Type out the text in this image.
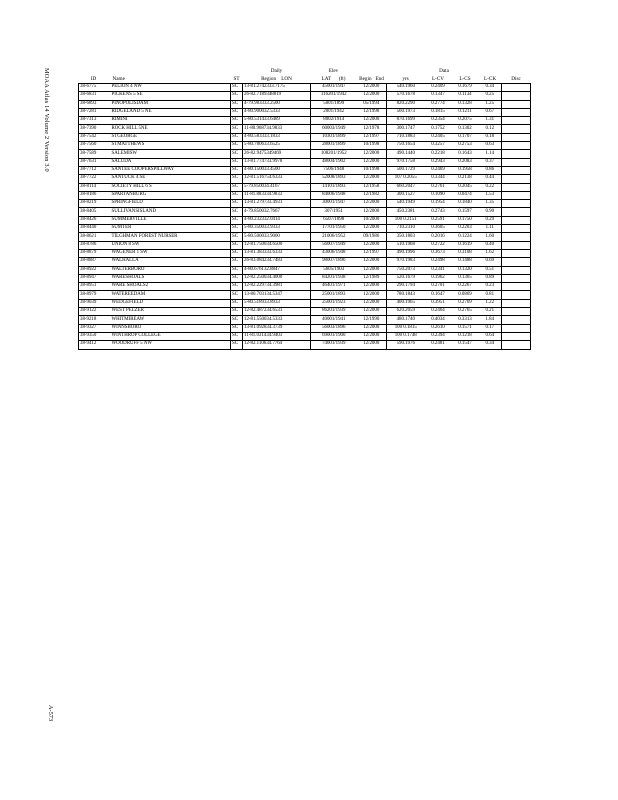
MOAA Atlas 14 Volume 2 Version 3.0
A-573
			Daily	Elev		Data				
ID	Name	ST	Region LON	LAT (ft)	Begin End	yrs	L-CV	L-CS	L-CK	Disc
38-6775	PELION 4 NW	SC	13-81.2742333.7175	45001/1947	12/2000	540.1960	0.2409	0.1679	0.34	
38-6831	PICKENS 5 SE	SC	26-82.7189348819	116201/1942	12/2000	570.1678	0.1347	0.1134	0.25	
38-6893	PINOPOLISDAM	SC	4-79.983333.2500	5001/1899	05/1994	820.2290	0.2774	0.1328	1.25	
38-7281	RIDGELAND 5 NE	SC	4-80.900032.5333	2001/1942	12/1998	560.1973	0.1815	0.1211	0.67	
38-7313	RIMINI	SC	5-80.531433.6489	8002/1914	12/2000	870.1699	0.2354	0.2075	1.31	
38-7390	ROCK HILL 5NE	SC	11-80.968734.9833	60003/1949	12/1978	300.1747	0.1752	0.1302	0.12	
38-7542	STGEORGE	SC	4-80.583333.1833	10301/1899	12/1997	710.1883	0.2405	0.1707	0.18	
38-7560	STMATTHEWS	SC	5-80.780633.6525	28001/1899	10/1998	750.1654	0.3257	0.2753	0.63	
38-7589	SALEMISW	SC	26-82.9475349469	108201/1952	12/2000	490.1440	0.2218	0.1643	1.14	
38-7631	SALUDA	SC	13-81.774733.9978	48004/1902	12/2000	970.1758	0.2943	0.2083	0.37	
38-7712	SANTEE COOPERSPILLWAY	SC	4-80.150033.4500	7506/1948	10/1998	500.1729	0.2469	0.1958	0.86	
38-7722	SANTUCK 4 SE	SC	12-81.516754.6333	52008/1893	12/2000	107 0.2055	0.3344	0.2138	0.44	
38-8114	SOCIETY HILL 6 S	SC	5-79.850034.4167	14101/1893	12/1958	660.2047	0.2761	0.2045	0.22	
38-8186	SPARTANBURG	SC	11-81.883334.9833	84006/1948	12/1982	300.1527	0.1090	0.0474	1.53	
38-8219	SPRINGFIELD	SC	13-81.279733.4931	30001/1947	12/2000	540.1949	0.1954	0.1840	1.35	
38-8405	SULLIVANSISLAND	SC	4-79.850032.7667	307/1951	12/2000	450.2381	0.2743	0.1597	0.90	
38-8426	SUMMERVILLE	SC	4-80.232332.0414	6507/1898	10/2000	100 0.2151	0.2591	0.1750	0.29	
38-8440	SUMTER	SC	5-80.350033.9333	17701/1950	12/2000	710.2310	0.3605	0.2203	1.11	
38-8621	TILGHMAN FOREST NURSER	SC	5-80.500033.9000	21006/1952	09/1986	350.1803	0.2016	0.1224	1.60	
38-8786	UNION 8 SW	SC	12-81.750034.6500	56007/1949	12/2000	510.1968	0.2722	0.1619	0.40	
38-8879	WAGENER 1 SW	SC	13-81.383333.6333	43006/1948	12/1997	490.1996	0.3673	0.3108	1.62	
38-8887	WALHALLA	SC	26-83.084234.7483	98007/1896	12/2000	970.1983	0.2498	0.1488	0.69	
38-8922	WALTERBORO	SC	4-80.676132.8847	5605/1903	12/2000	750.2073	0.2341	0.1320	0.51	
38-8947	WARESHOALS	SC	12-82.250034.4000	84201/1938	12/1989	520.1679	0.1962	0.1365	0.89	
38-8951	WARE SHOALS2	SC	12-82.229734.3981	46401/1971	12/2000	290.1794	0.2701	0.2267	0.23	
38-8979	WATEREEDAM	SC	13-80.703134.5347	25001/1893	12/2000	780.1843	0.1647	0.0869	0.81	
38-9039	WEDGEFIELD	SC	5-80.518933.8933	25001/1923	12/2000	400.1965	0.3951	0.2769	1.22	
38-9122	WEST PELZER	SC	12-82.487234.6531	86201/1939	12/2000	620.2059	0.2464	0.2765	0.21	
38-9218	WHITMIREAW	SC	12-81.550034.5333	40001/1941	12/1990	480.1740	0.4034	0.3313	1.84	
38-9327	WINNSBORO	SC	13-81.092834.3739	56003/1896	12/2000	100 0.1815	0.2610	0.1571	0.17	
38-9350	WINTHROP COLLEGE	SC	11-81.031434.9403	69001/1900	12/2000	100 0.1748	0.2394	0.1218	0.64	
38-9412	WOODRUFF 5 NW	SC	12-82.110634.7764	74001/1939	12/2000	590.1976	0.2481	0.1547	0.34	
